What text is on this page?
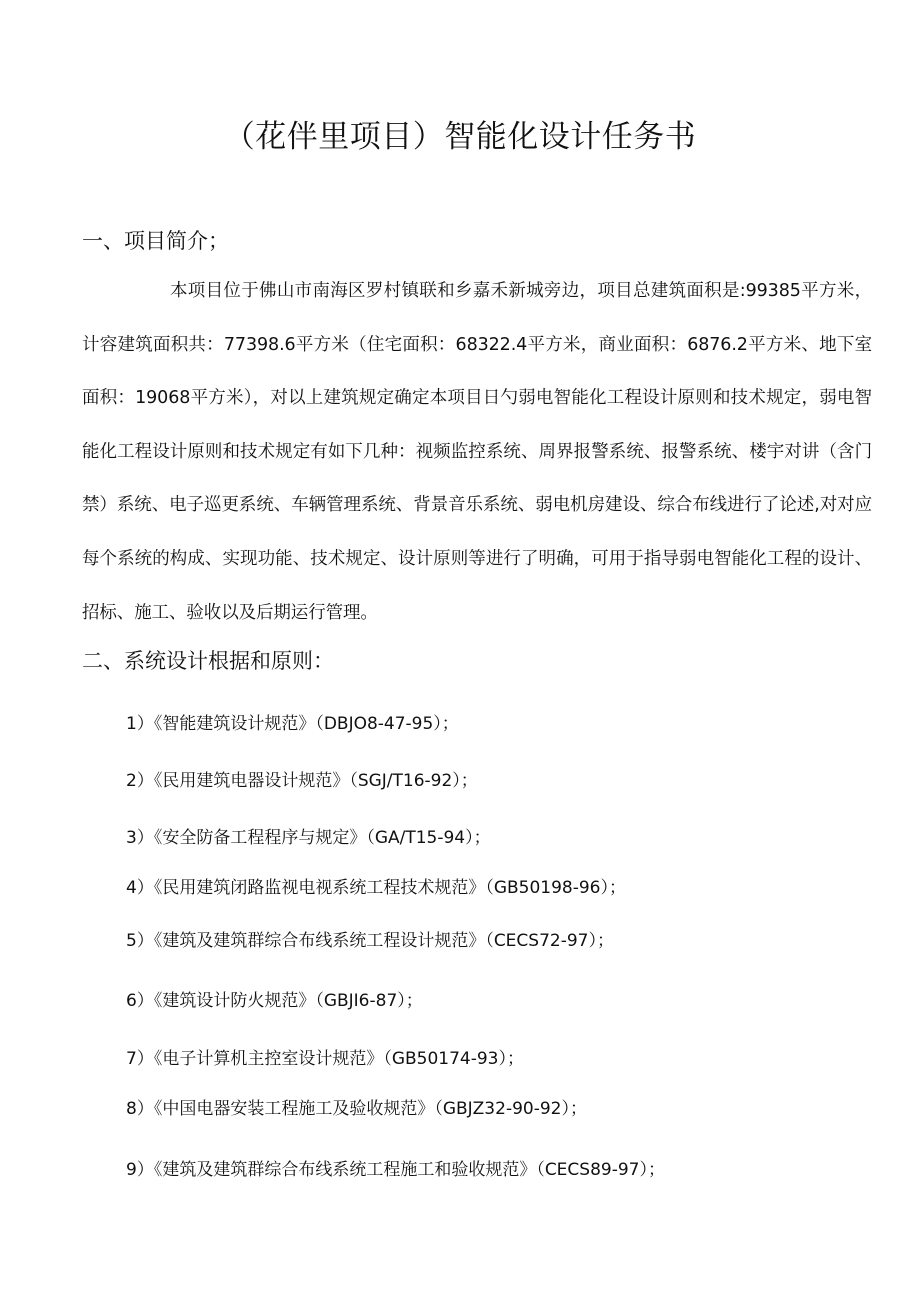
（花伴里项目）智能化设计任务书
一、项目简介；

本项目位于佛山市南海区罗村镇联和乡嘉禾新城旁边，项目总建筑面积是:99385平方米，计容建筑面积共：77398.6平方米（住宅面积：68322.4平方米，商业面积：6876.2平方米、地下室面积：19068平方米），对以上建筑规定确定本项目日勺弱电智能化工程设计原则和技术规定，弱电智能化工程设计原则和技术规定有如下几种：视频监控系统、周界报警系统、报警系统、楼宇对讲（含门禁）系统、电子巡更系统、车辆管理系统、背景音乐系统、弱电机房建设、综合布线进行了论述,对对应每个系统的构成、实现功能、技术规定、设计原则等进行了明确，可用于指导弱电智能化工程的设计、招标、施工、验收以及后期运行管理。

二、系统设计根据和原则：
1）《智能建筑设计规范》（DBJO8-47-95）；
2）《民用建筑电器设计规范》（SGJ/T16-92）；
3）《安全防备工程程序与规定》（GA/T15-94）；
4）《民用建筑闭路监视电视系统工程技术规范》（GB50198-96）；
5）《建筑及建筑群综合布线系统工程设计规范》（CECS72-97）；
6）《建筑设计防火规范》（GBJI6-87）；
7）《电子计算机主控室设计规范》（GB50174-93）；
8）《中国电器安装工程施工及验收规范》（GBJZ32-90-92）；
9）《建筑及建筑群综合布线系统工程施工和验收规范》（CECS89-97）；
